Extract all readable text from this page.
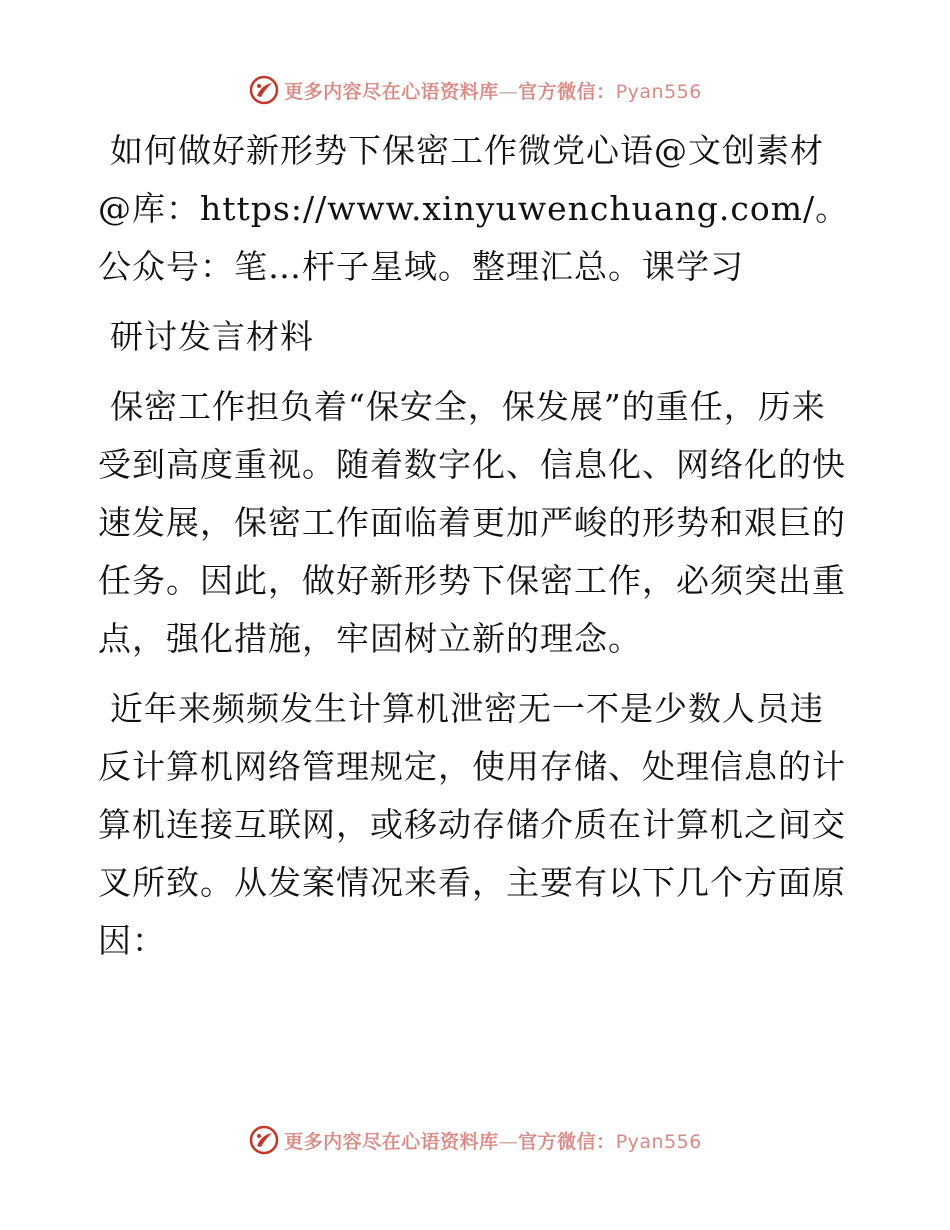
更多内容尽在心语资料库—官方微信：Pyan556

如何做好新形势下保密工作微党心语@文创素材@库：https://www.xinyuwenchuang.com/。公众号：笔…杆子星域。整理汇总。课学习

研讨发言材料

保密工作担负着“保安全，保发展”的重任，历来受到高度重视。随着数字化、信息化、网络化的快速发展，保密工作面临着更加严峻的形势和艰巨的任务。因此，做好新形势下保密工作，必须突出重点，强化措施，牢固树立新的理念。

近年来频频发生计算机泄密无一不是少数人员违反计算机网络管理规定，使用存储、处理信息的计算机连接互联网，或移动存储介质在计算机之间交叉所致。从发案情况来看，主要有以下几个方面原因：

更多内容尽在心语资料库—官方微信：Pyan556
